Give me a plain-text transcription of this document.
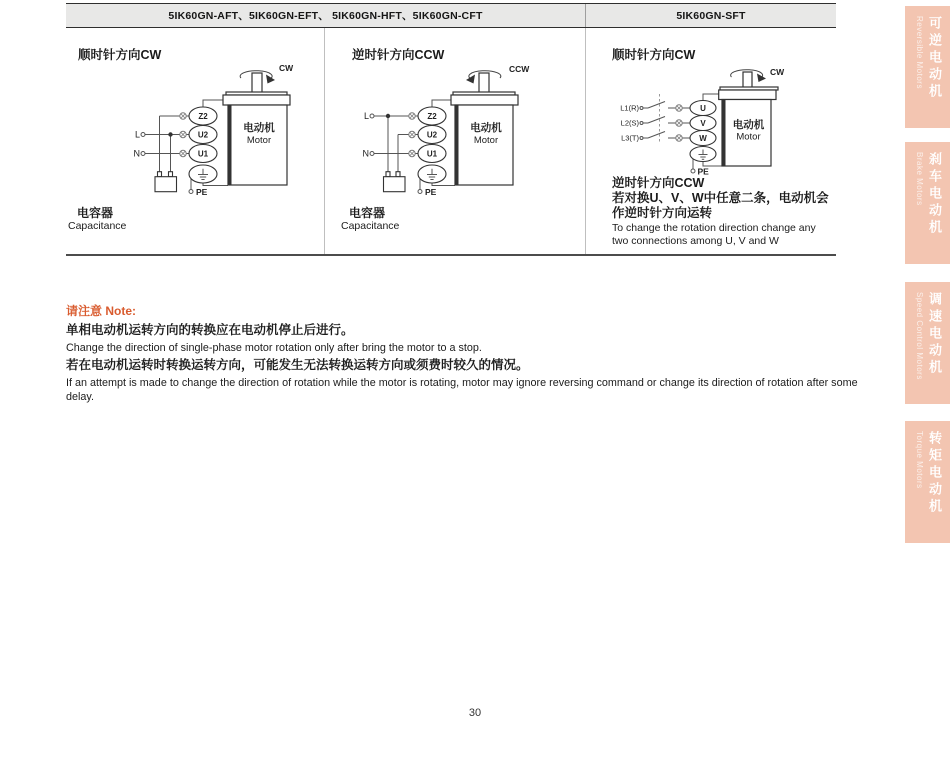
5IK60GN-AFT、5IK60GN-EFT、 5IK60GN-HFT、5IK60GN-CFT	5IK60GN-SFT
顺时针方向CW
CW
Z2
U2
U1
L
N
PE
电动机
Motor
电容器
Capacitance
逆时针方向CCW
CCW
Z2
U2
U1
L
N
PE
电动机
Motor
电容器
Capacitance
顺时针方向CW
CW
U
V
W
L1(R)
L2(S)
L3(T)
PE
电动机
Motor
逆时针方向CCW
若对换U、V、W中任意二条，电动机会作逆时针方向运转
To change the rotation direction change any two connections among U, V and W
请注意 Note:
单相电动机运转方向的转换应在电动机停止后进行。
Change the direction of single-phase motor rotation only after bring the motor to a stop.
若在电动机运转时转换运转方向，可能发生无法转换运转方向或须费时较久的情况。
If an attempt is made to change the direction of rotation while the motor is rotating, motor may ignore reversing command or change its direction of rotation after some delay.
30
Reversible Motors 可逆电动机
Brake Motors 刹车电动机
Speed Control Motors 调速电动机
Torque Motors 转矩电动机
